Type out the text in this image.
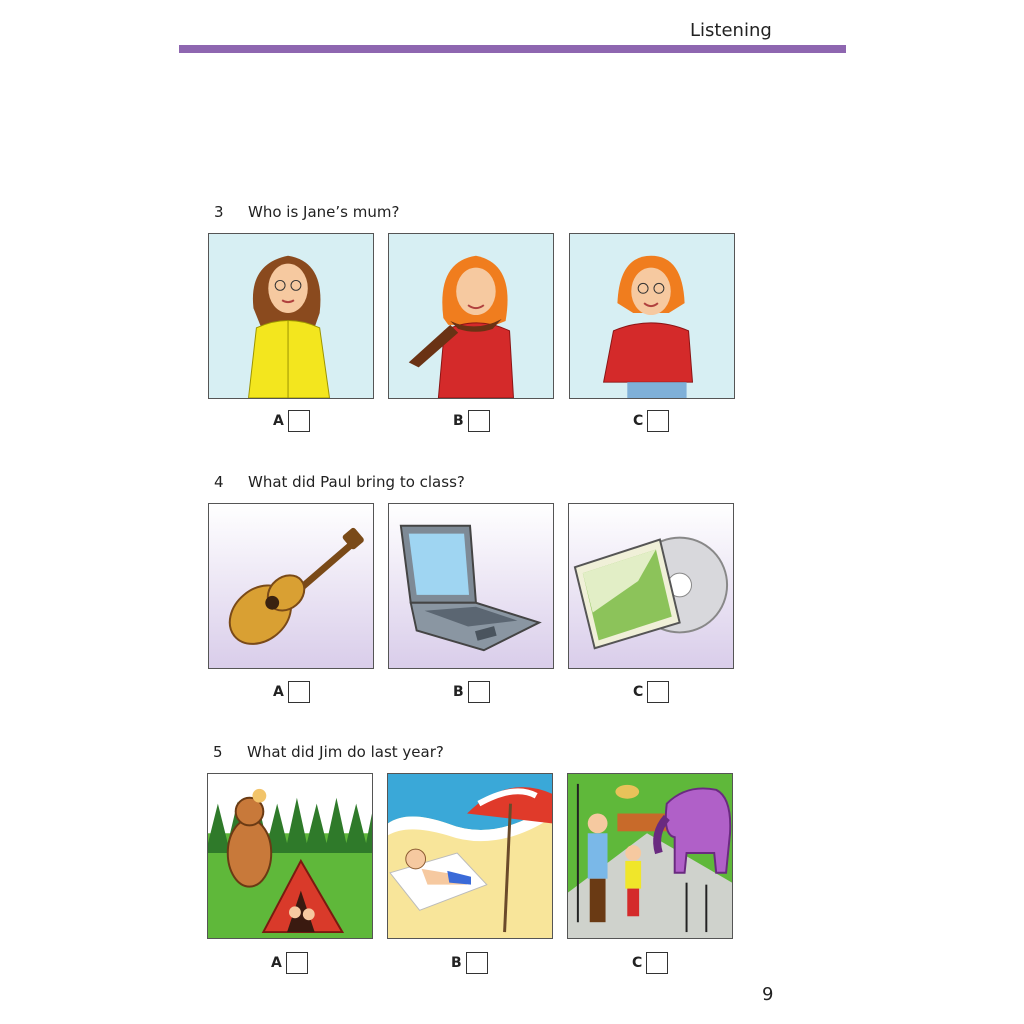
Listening
3 Who is Jane’s mum?
A	B	C
4 What did Paul bring to class?
A	B	C
5 What did Jim do last year?
A	B	C
9
